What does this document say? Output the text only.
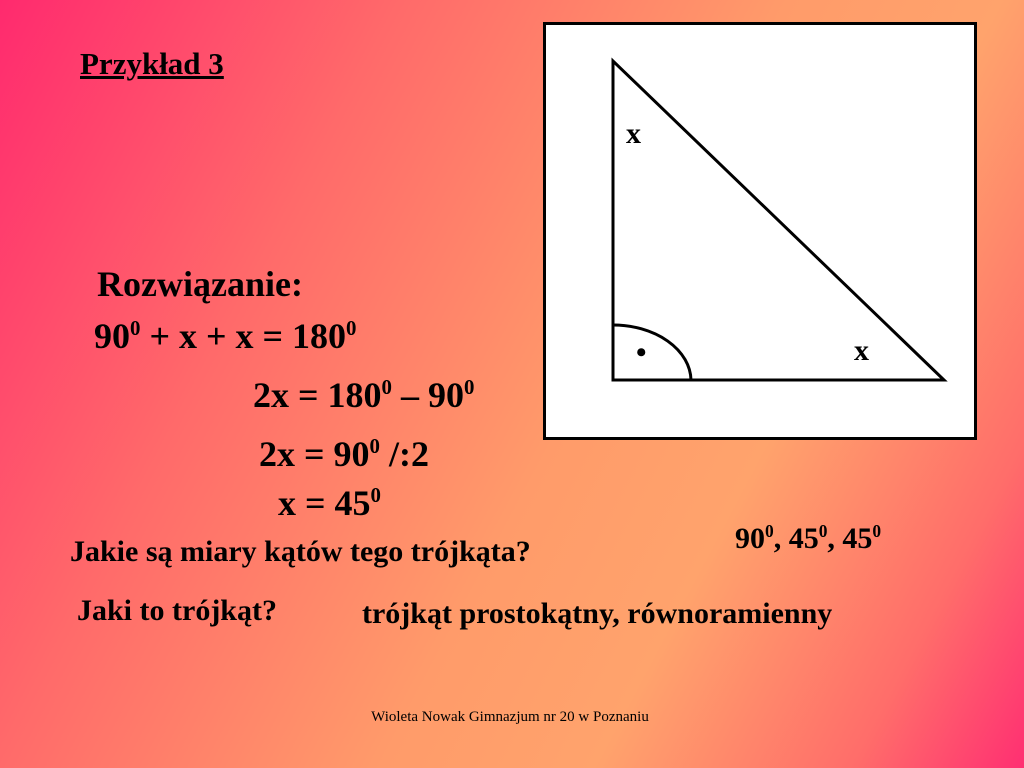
Przykład 3
Rozwiązanie:
$90^0 + x + x = 180^0$
$2x = 180^0 - 90^0$
$2x = 90^0$ /:2
$x = 45^0$
Jakie są miary kątów tego trójkąta?	$90^0$, $45^0$, $45^0$
Jaki to trójkąt?	trójkąt prostokątny, równoramienny
•
x
x
Wioleta Nowak Gimnazjum nr 20 w Poznaniu
